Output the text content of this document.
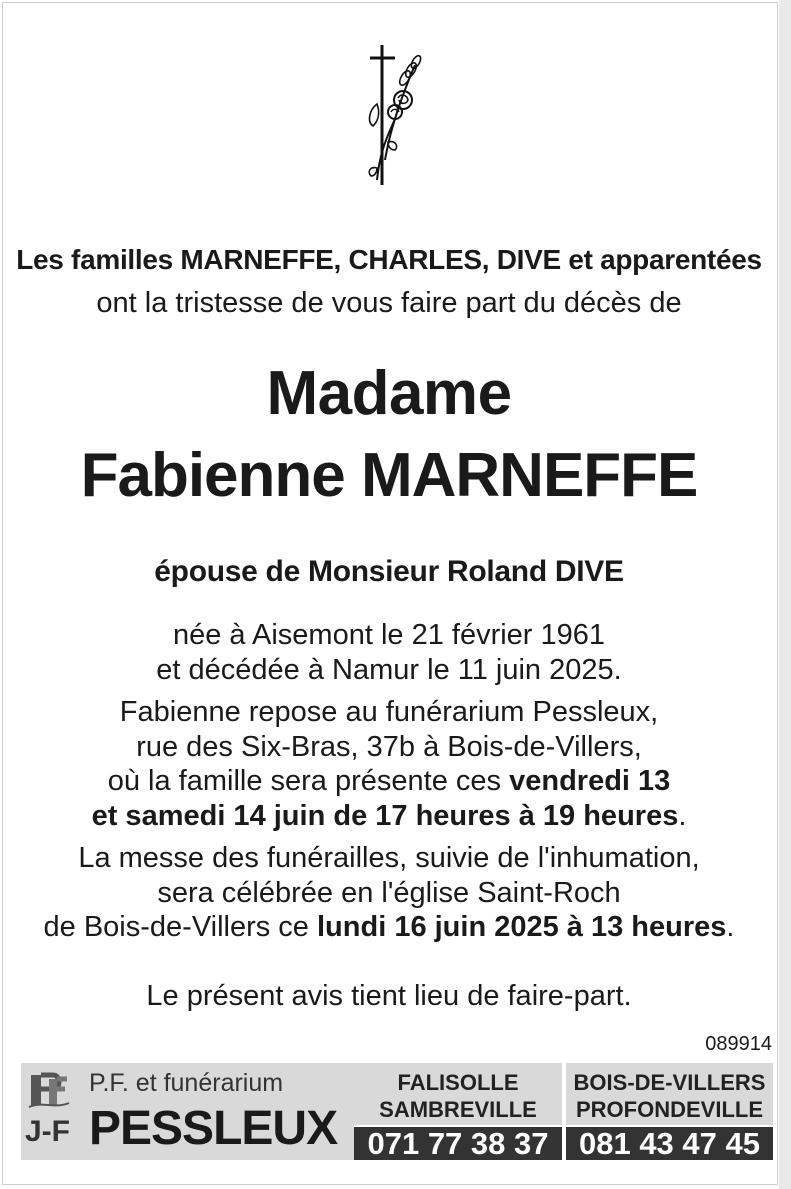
Les familles MARNEFFE, CHARLES, DIVE et apparentées
ont la tristesse de vous faire part du décès de
Madame
Fabienne MARNEFFE
épouse de Monsieur Roland DIVE
née à Aisemont le 21 février 1961
et décédée à Namur le 11 juin 2025.
Fabienne repose au funérarium Pessleux,
rue des Six-Bras, 37b à Bois-de-Villers,
où la famille sera présente ces vendredi 13
et samedi 14 juin de 17 heures à 19 heures.
La messe des funérailles, suivie de l'inhumation,
sera célébrée en l'église Saint-Roch
de Bois-de-Villers ce lundi 16 juin 2025 à 13 heures.
Le présent avis tient lieu de faire-part.
089914
P.F. et funérarium
J-F PESSLEUX
FALISOLLE
SAMBREVILLE
071 77 38 37
BOIS-DE-VILLERS
PROFONDEVILLE
081 43 47 45
